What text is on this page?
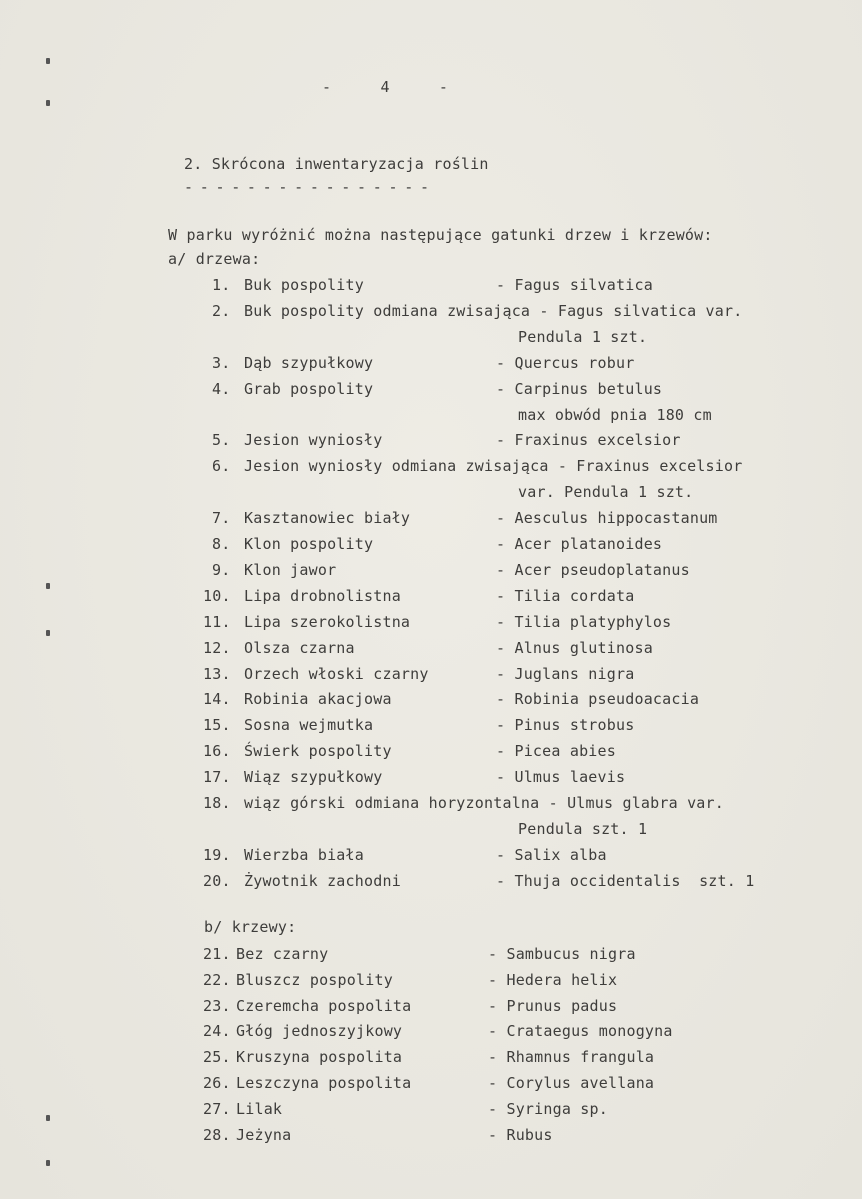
- 4 -
2. Skrócona inwentaryzacja roślin
----------------
W parku wyróżnić można następujące gatunki drzew i krzewów:
a/ drzewa:
1. Buk pospolity	- Fagus silvatica
2. Buk pospolity odmiana zwisająca - Fagus silvatica var.
Pendula 1 szt.
3. Dąb szypułkowy	- Quercus robur
4. Grab pospolity	- Carpinus betulus
max obwód pnia 180 cm
5. Jesion wyniosły	- Fraxinus excelsior
6. Jesion wyniosły odmiana zwisająca - Fraxinus excelsior
var. Pendula 1 szt.
7. Kasztanowiec biały	- Aesculus hippocastanum
8. Klon pospolity	- Acer platanoides
9. Klon jawor	- Acer pseudoplatanus
10. Lipa drobnolistna	- Tilia cordata
11. Lipa szerokolistna	- Tilia platyphylos
12. Olsza czarna	- Alnus glutinosa
13. Orzech włoski czarny	- Juglans nigra
14. Robinia akacjowa	- Robinia pseudoacacia
15. Sosna wejmutka	- Pinus strobus
16. Świerk pospolity	- Picea abies
17. Wiąz szypułkowy	- Ulmus laevis
18. wiąz górski odmiana horyzontalna - Ulmus glabra var.
Pendula szt. 1
19. Wierzba biała	- Salix alba
20. Żywotnik zachodni	- Thuja occidentalis  szt. 1
b/ krzewy:
21. Bez czarny	- Sambucus nigra
22. Bluszcz pospolity	- Hedera helix
23. Czeremcha pospolita	- Prunus padus
24. Głóg jednoszyjkowy	- Crataegus monogyna
25. Kruszyna pospolita	- Rhamnus frangula
26. Leszczyna pospolita	- Corylus avellana
27. Lilak	- Syringa sp.
28. Jeżyna	- Rubus
